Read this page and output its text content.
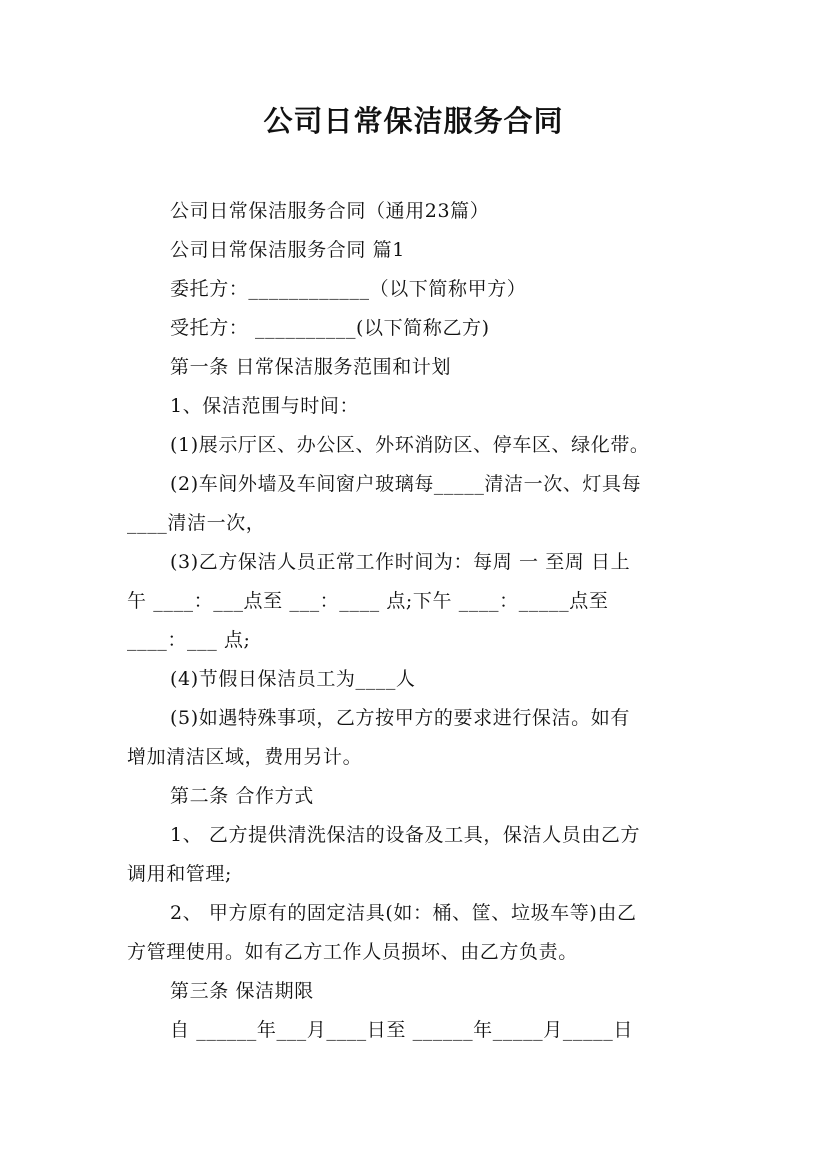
公司日常保洁服务合同
公司日常保洁服务合同（通用23篇）
公司日常保洁服务合同 篇1
委托方：____________（以下简称甲方）
受托方： __________(以下简称乙方)
第一条 日常保洁服务范围和计划
1、保洁范围与时间：
(1)展示厅区、办公区、外环消防区、停车区、绿化带。
(2)车间外墙及车间窗户玻璃每_____清洁一次、灯具每
____清洁一次，
(3)乙方保洁人员正常工作时间为：每周 一 至周 日上
午 ____：___点至 ___：____ 点;下午 ____：_____点至
____：___ 点;
(4)节假日保洁员工为____人
(5)如遇特殊事项，乙方按甲方的要求进行保洁。如有
增加清洁区域，费用另计。
第二条 合作方式
1、 乙方提供清洗保洁的设备及工具，保洁人员由乙方
调用和管理;
2、 甲方原有的固定洁具(如：桶、筐、垃圾车等)由乙
方管理使用。如有乙方工作人员损坏、由乙方负责。
第三条 保洁期限
自 ______年___月____日至 ______年_____月_____日
